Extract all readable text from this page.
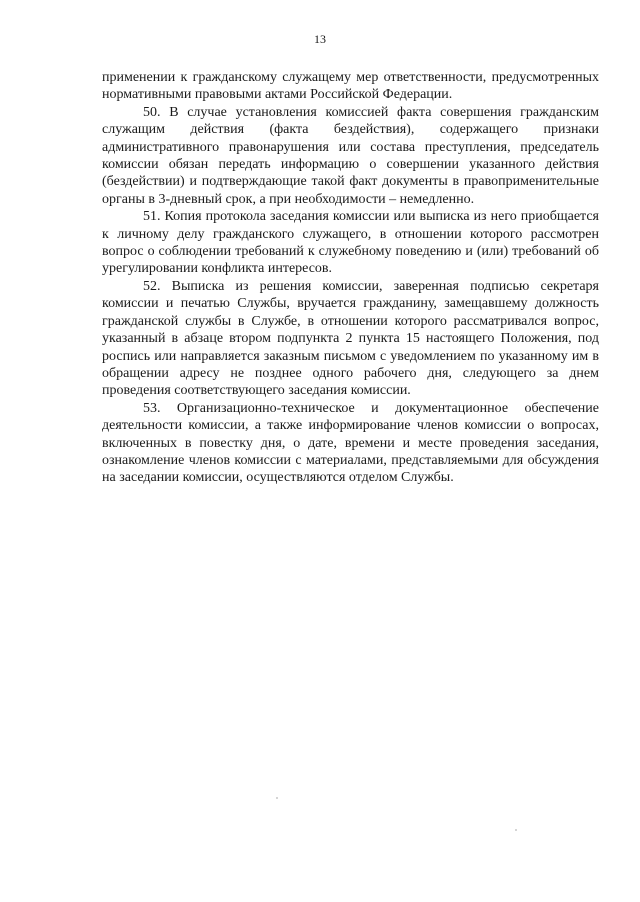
13

применении к гражданскому служащему мер ответственности, предусмотренных нормативными правовыми актами Российской Федерации.

50. В случае установления комиссией факта совершения гражданским служащим действия (факта бездействия), содержащего признаки административного правонарушения или состава преступления, председатель комиссии обязан передать информацию о совершении указанного действия (бездействии) и подтверждающие такой факт документы в правоприменительные органы в 3-дневный срок, а при необходимости – немедленно.

51. Копия протокола заседания комиссии или выписка из него приобщается к личному делу гражданского служащего, в отношении которого рассмотрен вопрос о соблюдении требований к служебному поведению и (или) требований об урегулировании конфликта интересов.

52. Выписка из решения комиссии, заверенная подписью секретаря комиссии и печатью Службы, вручается гражданину, замещавшему должность гражданской службы в Службе, в отношении которого рассматривался вопрос, указанный в абзаце втором подпункта 2 пункта 15 настоящего Положения, под роспись или направляется заказным письмом с уведомлением по указанному им в обращении адресу не позднее одного рабочего дня, следующего за днем проведения соответствующего заседания комиссии.

53. Организационно-техническое и документационное обеспечение деятельности комиссии, а также информирование членов комиссии о вопросах, включенных в повестку дня, о дате, времени и месте проведения заседания, ознакомление членов комиссии с материалами, представляемыми для обсуждения на заседании комиссии, осуществляются отделом Службы.
